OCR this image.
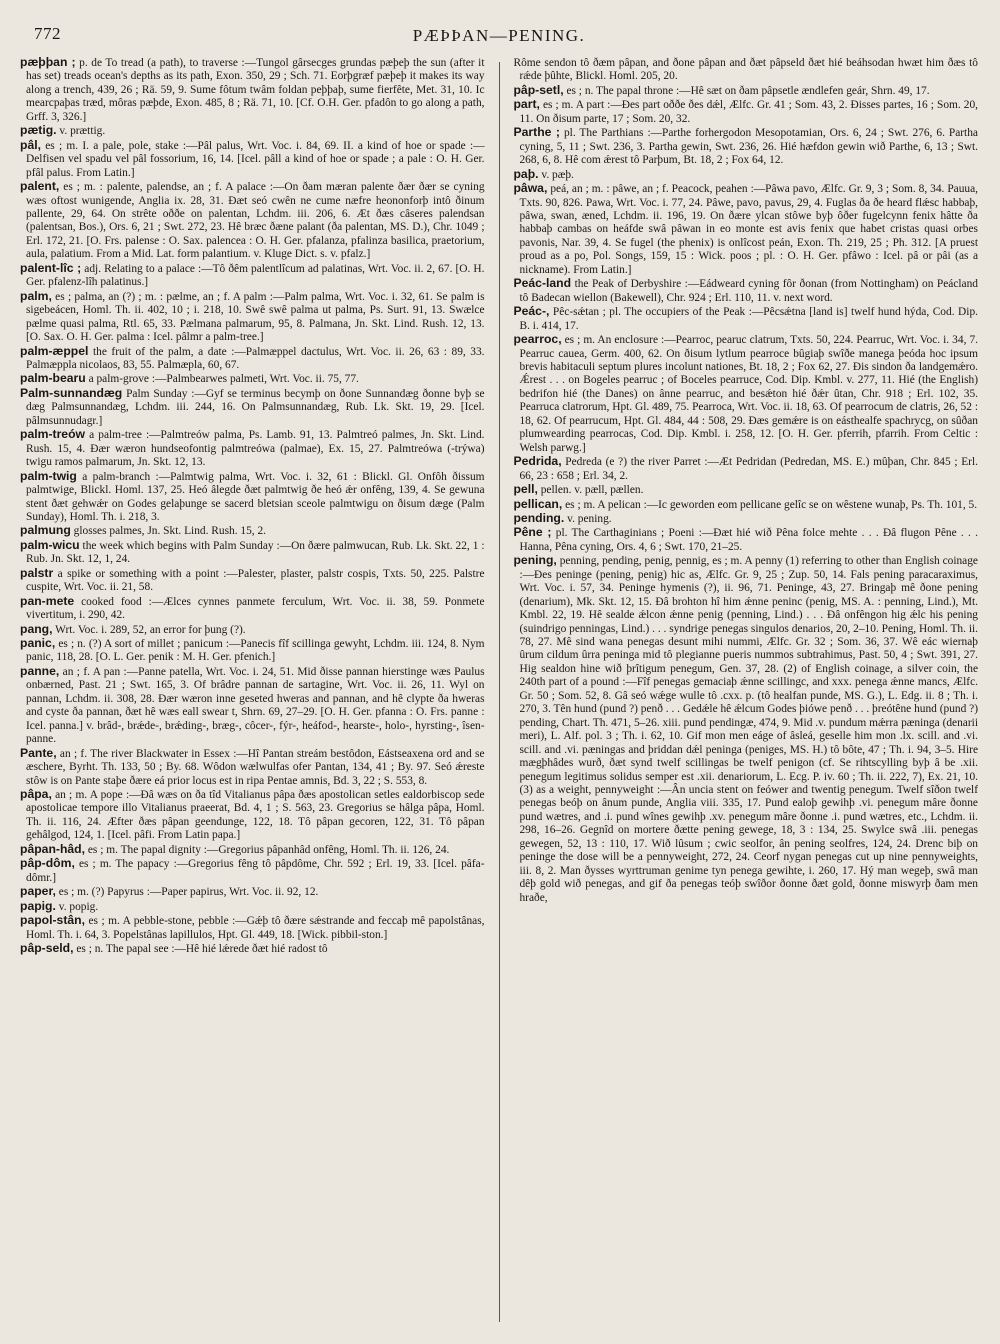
772	PÆÞÞAN—PENING.

pæþþan ; p. de To tread (a path), to traverse :—Tungol gârsecges grundas pæþeþ the sun (after it has set) treads ocean's depths as its path, Exon. 350, 29 ; Sch. 71. Eorþgræf pæþeþ it makes its way along a trench, 439, 26 ; Rä. 59, 9. Sume fôtum twâm foldan peþþaþ, sume fierfête, Met. 31, 10. Ic mearcpaþas træd, môras pæþde, Exon. 485, 8 ; Rä. 71, 10. [Cf. O.H. Ger. pfadôn to go along a path, Grff. 3, 326.]

pætig. v. prættig.

pâl, es ; m. I. a pale, pole, stake :—Pâl palus, Wrt. Voc. i. 84, 69. II. a kind of hoe or spade :—Delfisen vel spadu vel pâl fossorium, 16, 14. [Icel. pâll a kind of hoe or spade ; a pale : O. H. Ger. pfâl palus. From Latin.]

palent, es ; m. : palente, palendse, an ; f. A palace :—On ðam mæran palente ðær ðær se cyning wæs oftost wunigende, Anglia ix. 28, 31. Ðæt seó cwên ne cume næfre heononforþ intô ðinum pallente, 29, 64. On strête oððe on palentan, Lchdm. iii. 206, 6. Æt ðæs câseres palendsan (palentsan, Bos.), Ors. 6, 21 ; Swt. 272, 23. Hê bræc ðæne palant (ða palentan, MS. D.), Chr. 1049 ; Erl. 172, 21. [O. Frs. palense : O. Sax. palencea : O. H. Ger. pfalanza, pfalinza basilica, praetorium, aula, palatium. From a Mid. Lat. form palantium. v. Kluge Dict. s. v. pfalz.]

palent-lîc ; adj. Relating to a palace :—Tô ðêm palentlîcum ad palatinas, Wrt. Voc. ii. 2, 67. [O. H. Ger. pfalenz-lîh palatinus.]

palm, es ; palma, an (?) ; m. : pælme, an ; f. A palm :—Palm palma, Wrt. Voc. i. 32, 61. Se palm is sigebeácen, Homl. Th. ii. 402, 10 ; i. 218, 10. Swê swê palma ut palma, Ps. Surt. 91, 13. Swælce pælme quasi palma, Rtl. 65, 33. Pælmana palmarum, 95, 8. Palmana, Jn. Skt. Lind. Rush. 12, 13. [O. Sax. O. H. Ger. palma : Icel. pâlmr a palm-tree.]

palm-æppel the fruit of the palm, a date :—Palmæppel dactulus, Wrt. Voc. ii. 26, 63 : 89, 33. Palmæppla nicolaos, 83, 55. Palmæpla, 60, 67.

palm-bearu a palm-grove :—Palmbearwes palmeti, Wrt. Voc. ii. 75, 77.

Palm-sunnandæg Palm Sunday :—Gyf se terminus becymþ on ðone Sunnandæg ðonne byþ se dæg Palmsunnandæg, Lchdm. iii. 244, 16. On Palmsunnandæg, Rub. Lk. Skt. 19, 29. [Icel. pâlmsunnudagr.]

palm-treów a palm-tree :—Palmtreów palma, Ps. Lamb. 91, 13. Palmtreó palmes, Jn. Skt. Lind. Rush. 15, 4. Ðær wæron hundseofontig palmtreówa (palmae), Ex. 15, 27. Palmtreówa (-trýwa) twigu ramos palmarum, Jn. Skt. 12, 13.

palm-twig a palm-branch :—Palmtwig palma, Wrt. Voc. i. 32, 61 : Blickl. Gl. Onfôh ðissum palmtwige, Blickl. Homl. 137, 25. Heó âlegde ðæt palmtwig ðe heó ǽr onfêng, 139, 4. Se gewuna stent ðæt gehwǽr on Godes gelaþunge se sacerd bletsian sceole palmtwigu on ðisum dæge (Palm Sunday), Homl. Th. i. 218, 3.

palmung glosses palmes, Jn. Skt. Lind. Rush. 15, 2.

palm-wicu the week which begins with Palm Sunday :—On ðære palmwucan, Rub. Lk. Skt. 22, 1 : Rub. Jn. Skt. 12, 1, 24.

palstr a spike or something with a point :—Palester, plaster, palstr cospis, Txts. 50, 225. Palstre cuspite, Wrt. Voc. ii. 21, 58.

pan-mete cooked food :—Ælces cynnes panmete ferculum, Wrt. Voc. ii. 38, 59. Ponmete vivertitum, i. 290, 42.

pang, Wrt. Voc. i. 289, 52, an error for þung (?).

panic, es ; n. (?) A sort of millet ; panicum :—Panecis fîf scillinga gewyht, Lchdm. iii. 124, 8. Nym panic, 118, 28. [O. L. Ger. penik : M. H. Ger. pfenich.]

panne, an ; f. A pan :—Panne patella, Wrt. Voc. i. 24, 51. Mid ðisse pannan hierstinge wæs Paulus onbærned, Past. 21 ; Swt. 165, 3. Of brâdre pannan de sartagine, Wrt. Voc. ii. 26, 11. Wyl on pannan, Lchdm. ii. 308, 28. Ðær wæron inne geseted hweras and pannan, and hê clypte ða hweras and cyste ða pannan, ðæt hê wæs eall swear t, Shrn. 69, 27–29. [O. H. Ger. pfanna : O. Frs. panne : Icel. panna.] v. brâd-, brǽde-, brǽding-, bræg-, côcer-, fýr-, heáfod-, hearste-, holo-, hyrsting-, îsen-panne.

Pante, an ; f. The river Blackwater in Essex :—Hî Pantan streám bestôdon, Eástseaxena ord and se æschere, Byrht. Th. 133, 50 ; By. 68. Wôdon wælwulfas ofer Pantan, 134, 41 ; By. 97. Seó ǽreste stôw is on Pante staþe ðære eá prior locus est in ripa Pentae amnis, Bd. 3, 22 ; S. 553, 8.

pâpa, an ; m. A pope :—Ðâ wæs on ða tîd Vitalianus pâpa ðæs apostolican setles ealdorbiscop sede apostolicae tempore illo Vitalianus praeerat, Bd. 4, 1 ; S. 563, 23. Gregorius se hâlga pâpa, Homl. Th. ii. 116, 24. Æfter ðæs pâpan geendunge, 122, 18. Tô pâpan gecoren, 122, 31. Tô pâpan gehâlgod, 124, 1. [Icel. pâfi. From Latin papa.]

pâpan-hâd, es ; m. The papal dignity :—Gregorius pâpanhâd onfêng, Homl. Th. ii. 126, 24.

pâp-dôm, es ; m. The papacy :—Gregorius fêng tô pâpdôme, Chr. 592 ; Erl. 19, 33. [Icel. pâfa-dômr.]

paper, es ; m. (?) Papyrus :—Paper papirus, Wrt. Voc. ii. 92, 12.

papig. v. popig.

papol-stân, es ; m. A pebble-stone, pebble :—Gǽþ tô ðære sǽstrande and feccaþ mê papolstânas, Homl. Th. i. 64, 3. Popelstânas lapillulos, Hpt. Gl. 449, 18. [Wick. pibbil-ston.]

pâp-seld, es ; n. The papal see :—Hê hié lǽrede ðæt hié radost tô

Rôme sendon tô ðæm pâpan, and ðone pâpan and ðæt pâpseld ðæt hié beáhsodan hwæt him ðæs tô rǽde þûhte, Blickl. Homl. 205, 20.

pâp-setl, es ; n. The papal throne :—Hê sæt on ðam pâpsetle ændlefen geár, Shrn. 49, 17.

part, es ; m. A part :—Ðes part oððe ðes dǽl, Ælfc. Gr. 41 ; Som. 43, 2. Ðisses partes, 16 ; Som. 20, 11. On ðisum parte, 17 ; Som. 20, 32.

Parthe ; pl. The Parthians :—Parthe forhergodon Mesopotamian, Ors. 6, 24 ; Swt. 276, 6. Partha cyning, 5, 11 ; Swt. 236, 3. Partha gewin, Swt. 236, 26. Hié hæfdon gewin wið Parthe, 6, 13 ; Swt. 268, 6, 8. Hê com ǽrest tô Parþum, Bt. 18, 2 ; Fox 64, 12.

paþ. v. pæþ.

pâwa, peá, an ; m. : pâwe, an ; f. Peacock, peahen :—Pâwa pavo, Ælfc. Gr. 9, 3 ; Som. 8, 34. Pauua, Txts. 90, 826. Pawa, Wrt. Voc. i. 77, 24. Pâwe, pavo, pavus, 29, 4. Fuglas ða ðe heard flǽsc habbaþ, pâwa, swan, æned, Lchdm. ii. 196, 19. On ðære ylcan stôwe byþ ôðer fugelcynn fenix hâtte ða habbaþ cambas on heáfde swâ pâwan in eo monte est avis fenix que habet cristas quasi orbes pavonis, Nar. 39, 4. Se fugel (the phenix) is onlîcost peán, Exon. Th. 219, 25 ; Ph. 312. [A pruest proud as a po, Pol. Songs, 159, 15 : Wick. poos ; pl. : O. H. Ger. pfâwo : Icel. pâ or pâi (as a nickname). From Latin.]

Peác-land the Peak of Derbyshire :—Eádweard cyning fôr ðonan (from Nottingham) on Peácland tô Badecan wiellon (Bakewell), Chr. 924 ; Erl. 110, 11. v. next word.

Peác-, Pêc-sǽtan ; pl. The occupiers of the Peak :—Pêcsǽtna [land is] twelf hund hýda, Cod. Dip. B. i. 414, 17.

pearroc, es ; m. An enclosure :—Pearroc, pearuc clatrum, Txts. 50, 224. Pearruc, Wrt. Voc. i. 34, 7. Pearruc cauea, Germ. 400, 62. On ðisum lytlum pearroce bûgiaþ swîðe manega þeóda hoc ipsum brevis habitaculi septum plures incolunt nationes, Bt. 18, 2 ; Fox 62, 27. Ðis sindon ða landgemǽro. Ǽrest . . . on Bogeles pearruc ; of Boceles pearruce, Cod. Dip. Kmbl. v. 277, 11. Hié (the English) bedrifon hié (the Danes) on ânne pearruc, and besǽton hié ðǽr ûtan, Chr. 918 ; Erl. 102, 35. Pearruca clatrorum, Hpt. Gl. 489, 75. Pearroca, Wrt. Voc. ii. 18, 63. Of pearrocum de clatris, 26, 52 : 18, 62. Of pearrucum, Hpt. Gl. 484, 44 : 508, 29. Ðæs gemǽre is on eásthealfe spachrycg, on sûðan plumwearding pearrocas, Cod. Dip. Kmbl. i. 258, 12. [O. H. Ger. pferrih, pfarrih. From Celtic : Welsh parwg.]

Pedrida, Pedreda (e ?) the river Parret :—Æt Pedridan (Pedredan, MS. E.) mûþan, Chr. 845 ; Erl. 66, 23 : 658 ; Erl. 34, 2.

pell, pellen. v. pæll, pællen.

pellican, es ; m. A pelican :—Ic geworden eom pellicane gelîc se on wêstene wunaþ, Ps. Th. 101, 5.

pending. v. pening.

Pêne ; pl. The Carthaginians ; Poeni :—Ðæt hié wið Pêna folce mehte . . . Ðâ flugon Pêne . . . Hanna, Pêna cyning, Ors. 4, 6 ; Swt. 170, 21–25.

pening, penning, pending, penig, pennig, es ; m. A penny (1) referring to other than English coinage :—Ðes peninge (pening, penig) hic as, Ælfc. Gr. 9, 25 ; Zup. 50, 14. Fals pening paracaraximus, Wrt. Voc. i. 57, 34. Peninge hymenis (?), ii. 96, 71. Peninge, 43, 27. Bringaþ mê ðone pening (denarium), Mk. Skt. 12, 15. Ðâ brohton hî him ǽnne peninc (penig, MS. A. : penning, Lind.), Mt. Kmbl. 22, 19. Hê sealde ǽlcon ǽnne penig (penning, Lind.) . . . Ðâ onfêngon hig ǽlc his pening (suindrigo penningas, Lind.) . . . syndrige penegas singulos denarios, 20, 2–10. Pening, Homl. Th. ii. 78, 27. Mê sind wana penegas desunt mihi nummi, Ælfc. Gr. 32 ; Som. 36, 37. Wê eác wiernaþ ûrum cildum ûrra peninga mid tô plegianne pueris nummos subtrahimus, Past. 50, 4 ; Swt. 391, 27. Hig sealdon hine wið þrîtigum penegum, Gen. 37, 28. (2) of English coinage, a silver coin, the 240th part of a pound :—Fîf penegas gemaciaþ ǽnne scillingc, and xxx. penega ǽnne mancs, Ælfc. Gr. 50 ; Som. 52, 8. Gâ seó wǽge wulle tô .cxx. p. (tô healfan punde, MS. G.), L. Edg. ii. 8 ; Th. i. 270, 3. Tên hund (pund ?) penð . . . Gedǽle hê ǽlcum Godes þiówe penð . . . þreótêne hund (pund ?) pending, Chart. Th. 471, 5–26. xiii. pund pendingæ, 474, 9. Mid .v. pundum mǽrra pæninga (denarii meri), L. Alf. pol. 3 ; Th. i. 62, 10. Gif mon men eáge of âsleá, geselle him mon .lx. scill. and .vi. scill. and .vi. pæningas and þriddan dǽl peninga (peniges, MS. H.) tô bôte, 47 ; Th. i. 94, 3–5. Hire mægþhâdes wurð, ðæt synd twelf scillingas be twelf penigon (cf. Se rihtscylling byþ â be .xii. penegum legitimus solidus semper est .xii. denariorum, L. Ecg. P. iv. 60 ; Th. ii. 222, 7), Ex. 21, 10. (3) as a weight, pennyweight :—Ân uncia stent on feówer and twentig penegum. Twelf sîðon twelf penegas beóþ on ânum punde, Anglia viii. 335, 17. Pund ealoþ gewihþ .vi. penegum mâre ðonne pund wætres, and .i. pund wînes gewihþ .xv. penegum mâre ðonne .i. pund wætres, etc., Lchdm. ii. 298, 16–26. Gegnîd on mortere ðætte pening gewege, 18, 3 : 134, 25. Swylce swâ .iii. penegas gewegen, 52, 13 : 110, 17. Wið lûsum ; cwic seolfor, ân pening seolfres, 124, 24. Drenc biþ on peninge the dose will be a pennyweight, 272, 24. Ceorf nygan penegas cut up nine pennyweights, iii. 8, 2. Man ðysses wyrttruman genime tyn penega gewihte, i. 260, 17. Hý man wegeþ, swâ man dêþ gold wið penegas, and gif ða penegas teóþ swîðor ðonne ðæt gold, ðonne miswyrþ ðam men hraðe,
